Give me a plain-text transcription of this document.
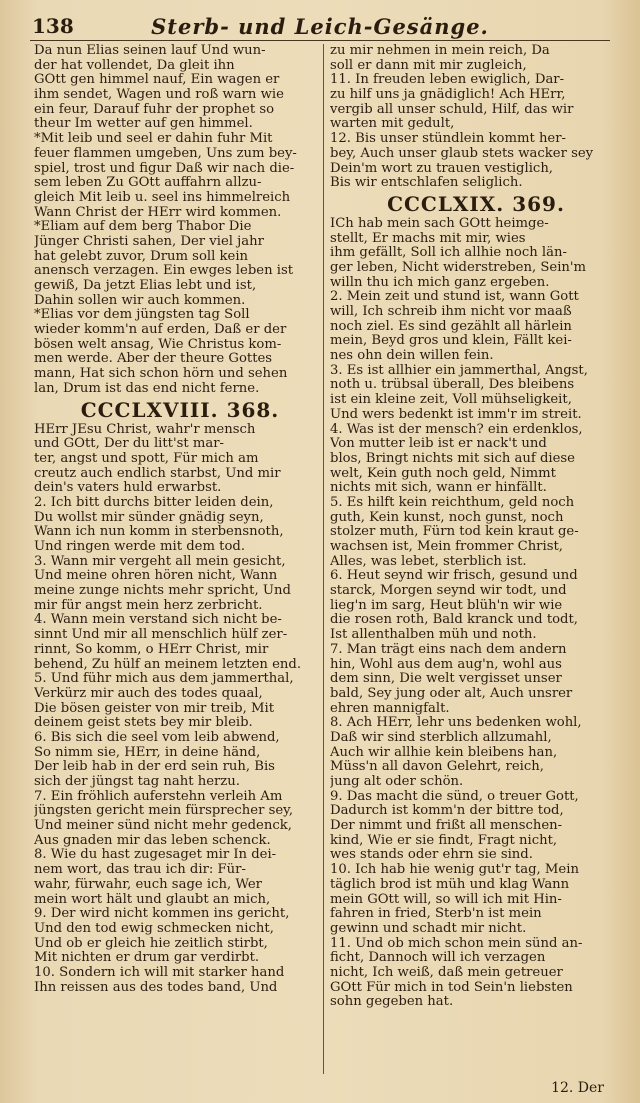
138	Sterb- und Leich-Gesänge.
Da nun Elias seinen lauf Und wun-
der hat vollendet, Da gleit ihn
GOtt gen himmel nauf, Ein wagen er
ihm sendet, Wagen und roß warn wie
ein feur, Darauf fuhr der prophet so
theur Im wetter auf gen himmel.
*Mit leib und seel er dahin fuhr Mit
feuer flammen umgeben, Uns zum bey-
spiel, trost und figur Daß wir nach die-
sem leben Zu GOtt auffahrn allzu-
gleich Mit leib u. seel ins himmelreich
Wann Christ der HErr wird kommen.
*Eliam auf dem berg Thabor Die
Jünger Christi sahen, Der viel jahr
hat gelebt zuvor, Drum soll kein
anensch verzagen. Ein ewges leben ist
gewiß, Da jetzt Elias lebt und ist,
Dahin sollen wir auch kommen.
*Elias vor dem jüngsten tag Soll
wieder komm'n auf erden, Daß er der
bösen welt ansag, Wie Christus kom-
men werde. Aber der theure Gottes
mann, Hat sich schon hörn und sehen
lan, Drum ist das end nicht ferne.
CCCLXVIII. 368.
HErr JEsu Christ, wahr'r mensch
und GOtt, Der du litt'st mar-
ter, angst und spott, Für mich am
creutz auch endlich starbst, Und mir
dein's vaters huld erwarbst.
2. Ich bitt durchs bitter leiden dein,
Du wollst mir sünder gnädig seyn,
Wann ich nun komm in sterbensnoth,
Und ringen werde mit dem tod.
3. Wann mir vergeht all mein gesicht,
Und meine ohren hören nicht, Wann
meine zunge nichts mehr spricht, Und
mir für angst mein herz zerbricht.
4. Wann mein verstand sich nicht be-
sinnt Und mir all menschlich hülf zer-
rinnt, So komm, o HErr Christ, mir
behend, Zu hülf an meinem letzten end.
5. Und führ mich aus dem jammerthal,
Verkürz mir auch des todes quaal,
Die bösen geister von mir treib, Mit
deinem geist stets bey mir bleib.
6. Bis sich die seel vom leib abwend,
So nimm sie, HErr, in deine händ,
Der leib hab in der erd sein ruh, Bis
sich der jüngst tag naht herzu.
7. Ein fröhlich auferstehn verleih Am
jüngsten gericht mein fürsprecher sey,
Und meiner sünd nicht mehr gedenck,
Aus gnaden mir das leben schenck.
8. Wie du hast zugesaget mir In dei-
nem wort, das trau ich dir: Für-
wahr, fürwahr, euch sage ich, Wer
mein wort hält und glaubt an mich,
9. Der wird nicht kommen ins gericht,
Und den tod ewig schmecken nicht,
Und ob er gleich hie zeitlich stirbt,
Mit nichten er drum gar verdirbt.
10. Sondern ich will mit starker hand
Ihn reissen aus des todes band, Und
zu mir nehmen in mein reich, Da
soll er dann mit mir zugleich,
11. In freuden leben ewiglich, Dar-
zu hilf uns ja gnädiglich! Ach HErr,
vergib all unser schuld, Hilf, das wir
warten mit gedult,
12. Bis unser stündlein kommt her-
bey, Auch unser glaub stets wacker sey
Dein'm wort zu trauen vestiglich,
Bis wir entschlafen seliglich.
CCCLXIX. 369.
ICh hab mein sach GOtt heimge-
stellt, Er machs mit mir, wies
ihm gefällt, Soll ich allhie noch län-
ger leben, Nicht widerstreben, Sein'm
willn thu ich mich ganz ergeben.
2. Mein zeit und stund ist, wann Gott
will, Ich schreib ihm nicht vor maaß
noch ziel. Es sind gezählt all härlein
mein, Beyd gros und klein, Fällt kei-
nes ohn dein willen fein.
3. Es ist allhier ein jammerthal, Angst,
noth u. trübsal überall, Des bleibens
ist ein kleine zeit, Voll mühseligkeit,
Und wers bedenkt ist imm'r im streit.
4. Was ist der mensch? ein erdenklos,
Von mutter leib ist er nack't und
blos, Bringt nichts mit sich auf diese
welt, Kein guth noch geld, Nimmt
nichts mit sich, wann er hinfällt.
5. Es hilft kein reichthum, geld noch
guth, Kein kunst, noch gunst, noch
stolzer muth, Fürn tod kein kraut ge-
wachsen ist, Mein frommer Christ,
Alles, was lebet, sterblich ist.
6. Heut seynd wir frisch, gesund und
starck, Morgen seynd wir todt, und
lieg'n im sarg, Heut blüh'n wir wie
die rosen roth, Bald kranck und todt,
Ist allenthalben müh und noth.
7. Man trägt eins nach dem andern
hin, Wohl aus dem aug'n, wohl aus
dem sinn, Die welt vergisset unser
bald, Sey jung oder alt, Auch unsrer
ehren mannigfalt.
8. Ach HErr, lehr uns bedenken wohl,
Daß wir sind sterblich allzumahl,
Auch wir allhie kein bleibens han,
Müss'n all davon Gelehrt, reich,
jung alt oder schön.
9. Das macht die sünd, o treuer Gott,
Dadurch ist komm'n der bittre tod,
Der nimmt und frißt all menschen-
kind, Wie er sie findt, Fragt nicht,
wes stands oder ehrn sie sind.
10. Ich hab hie wenig gut'r tag, Mein
täglich brod ist müh und klag Wann
mein GOtt will, so will ich mit Hin-
fahren in fried, Sterb'n ist mein
gewinn und schadt mir nicht.
11. Und ob mich schon mein sünd an-
ficht, Dannoch will ich verzagen
nicht, Ich weiß, daß mein getreuer
GOtt Für mich in tod Sein'n liebsten
sohn gegeben hat.
12. Der
